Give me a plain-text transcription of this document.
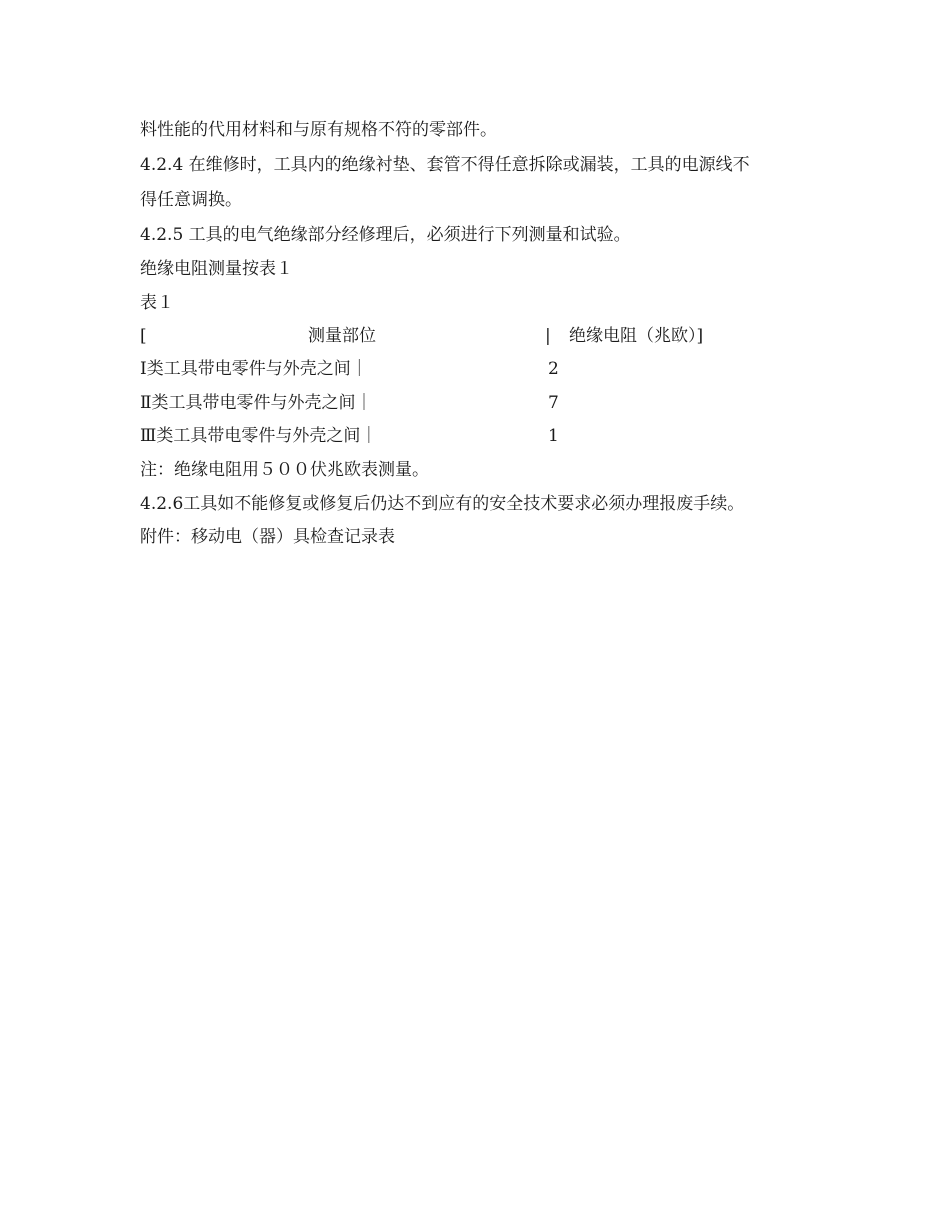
料性能的代用材料和与原有规格不符的零部件。
4.2.4 在维修时，工具内的绝缘衬垫、套管不得任意拆除或漏装，工具的电源线不
得任意调换。
4.2.5 工具的电气绝缘部分经修理后，必须进行下列测量和试验。
绝缘电阻测量按表１
表１
[	测量部位	| 绝缘电阻（兆欧）]
Ⅰ类工具带电零件与外壳之间｜	2
Ⅱ类工具带电零件与外壳之间｜	7
Ⅲ类工具带电零件与外壳之间｜	1
注：绝缘电阻用５００伏兆欧表测量。
4.2.6工具如不能修复或修复后仍达不到应有的安全技术要求必须办理报废手续。
附件：移动电（器）具检查记录表
